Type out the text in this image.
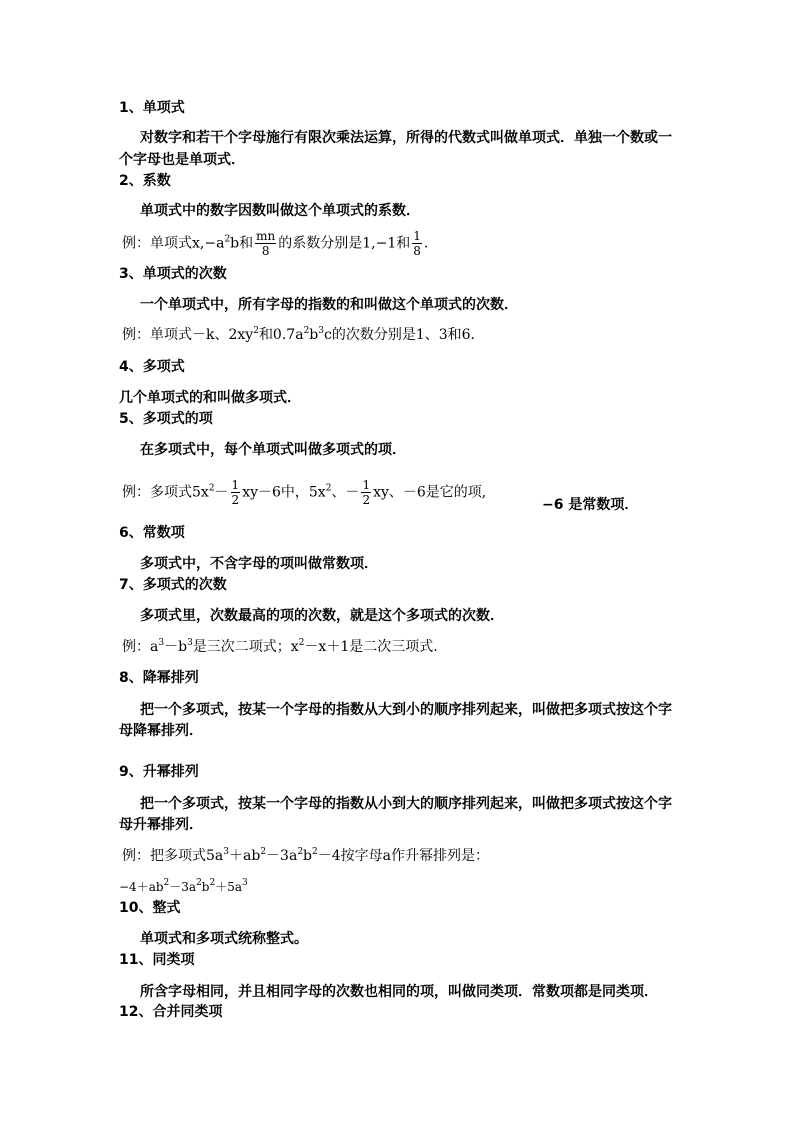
1、单项式
对数字和若干个字母施行有限次乘法运算，所得的代数式叫做单项式．单独一个数或一
个字母也是单项式．
2、系数
单项式中的数字因数叫做这个单项式的系数．
例：单项式$x,-a^2b$和 $\frac{mn}{8}$ 的系数分别是1,−1和 $\frac{1}{8}$ .
3、单项式的次数
一个单项式中，所有字母的指数的和叫做这个单项式的次数．
例：单项式－k、$2xy^2$和$0.7a^2b^3c$的次数分别是1、3和6.
4、多项式
几个单项式的和叫做多项式．
5、多项式的项
在多项式中，每个单项式叫做多项式的项．
例：多项式$5x^2- \frac{1}{2} xy-6$中，$5x^2$、－ $\frac{1}{2}$ xy、－6是它的项,
−6 是常数项．
6、常数项
多项式中，不含字母的项叫做常数项．
7、多项式的次数
多项式里，次数最高的项的次数，就是这个多项式的次数．
例：$a^3-b^3$是三次二项式；$x^2-x+1$是二次三项式.
8、降幂排列
把一个多项式，按某一个字母的指数从大到小的顺序排列起来，叫做把多项式按这个字
母降幂排列．
9、升幂排列
把一个多项式，按某一个字母的指数从小到大的顺序排列起来，叫做把多项式按这个字
母升幂排列．
例：把多项式$5a^3+ab^2-3a^2b^2-4$按字母a作升幂排列是：
$-4+ab^2-3a^2b^2+5a^3$
10、整式
单项式和多项式统称整式。
11、同类项
所含字母相同，并且相同字母的次数也相同的项，叫做同类项．常数项都是同类项．
12、合并同类项
